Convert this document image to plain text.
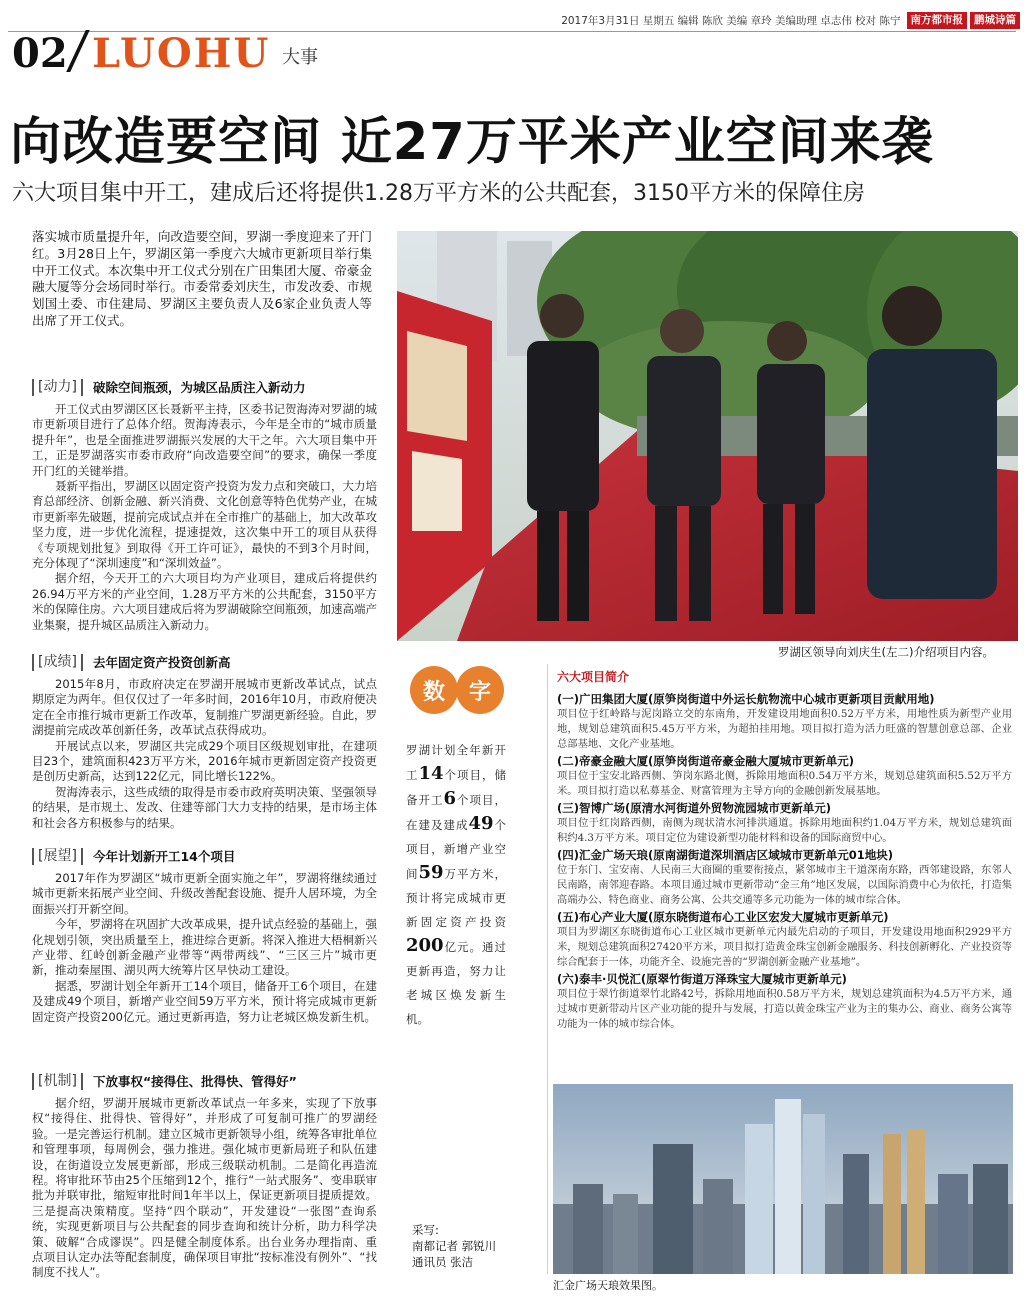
2017年3月31日 星期五 编辑 陈欣 美编 章玲 美编助理 卓志伟 校对 陈宁 南方都市报	鹏城诗篇
02 LUOHU 大事
向改造要空间 近27万平米产业空间来袭
六大项目集中开工，建成后还将提供1.28万平方米的公共配套，3150平方米的保障住房

落实城市质量提升年，向改造要空间，罗湖一季度迎来了开门红。3月28日上午，罗湖区第一季度六大城市更新项目举行集中开工仪式。本次集中开工仪式分别在广田集团大厦、帝豪金融大厦等分会场同时举行。市委常委刘庆生，市发改委、市规划国土委、市住建局、罗湖区主要负责人及6家企业负责人等出席了开工仪式。

[动力]	破除空间瓶颈，为城区品质注入新动力

开工仪式由罗湖区区长聂新平主持，区委书记贺海涛对罗湖的城市更新项目进行了总体介绍。贺海涛表示，今年是全市的“城市质量提升年”，也是全面推进罗湖振兴发展的大干之年。六大项目集中开工，正是罗湖落实市委市政府“向改造要空间”的要求，确保一季度开门红的关键举措。

聂新平指出，罗湖区以固定资产投资为发力点和突破口，大力培育总部经济、创新金融、新兴消费、文化创意等特色优势产业，在城市更新率先破题，提前完成试点并在全市推广的基础上，加大改革攻坚力度，进一步优化流程，提速提效，这次集中开工的项目从获得《专项规划批复》到取得《开工许可证》，最快的不到3个月时间，充分体现了“深圳速度”和“深圳效益”。

据介绍，今天开工的六大项目均为产业项目，建成后将提供约26.94万平方米的产业空间，1.28万平方米的公共配套，3150平方米的保障住房。六大项目建成后将为罗湖破除空间瓶颈，加速高端产业集聚，提升城区品质注入新动力。

[成绩]	去年固定资产投资创新高

2015年8月，市政府决定在罗湖开展城市更新改革试点，试点期原定为两年。但仅仅过了一年多时间，2016年10月，市政府便决定在全市推行城市更新工作改革，复制推广罗湖更新经验。自此，罗湖提前完成改革创新任务，改革试点获得成功。

开展试点以来，罗湖区共完成29个项目区级规划审批，在建项目23个，建筑面积423万平方米，2016年城市更新固定资产投资更是创历史新高，达到122亿元，同比增长122%。

贺海涛表示，这些成绩的取得是市委市政府英明决策、坚强领导的结果，是市规土、发改、住建等部门大力支持的结果，是市场主体和社会各方积极参与的结果。

[展望]	今年计划新开工14个项目

2017年作为罗湖区“城市更新全面实施之年”，罗湖将继续通过城市更新来拓展产业空间、升级改善配套设施、提升人居环境，为全面振兴打开新空间。

今年，罗湖将在巩固扩大改革成果，提升试点经验的基础上，强化规划引领，突出质量至上，推进综合更新。将深入推进大梧桐新兴产业带、红岭创新金融产业带等“两带两线”、“三区三片”城市更新，推动秦屋围、湖贝两大统筹片区早快动工建设。

据悉，罗湖计划全年新开工14个项目，储备开工6个项目，在建及建成49个项目，新增产业空间59万平方米，预计将完成城市更新固定资产投资200亿元。通过更新再造，努力让老城区焕发新生机。

[机制]	下放事权“接得住、批得快、管得好”

据介绍，罗湖开展城市更新改革试点一年多来，实现了下放事权“接得住、批得快、管得好”，并形成了可复制可推广的罗湖经验。一是完善运行机制。建立区城市更新领导小组，统筹各审批单位和管理事项，每周例会，强力推进。强化城市更新局班子和队伍建设，在街道设立发展更新部，形成三级联动机制。二是简化再造流程。将审批环节由25个压缩到12个，推行“一站式服务”、变串联审批为并联审批，缩短审批时间1年半以上，保证更新项目提质提效。三是提高决策精度。坚持“四个联动”，开发建设“一张图”查询系统，实现更新项目与公共配套的同步查询和统计分析，助力科学决策、破解“合成谬误”。四是健全制度体系。出台业务办理指南、重点项目认定办法等配套制度，确保项目审批“按标准没有例外”、“找制度不找人”。

罗湖区领导向刘庆生(左二)介绍项目内容。
数	字
罗湖计划全年新开工14个项目，储备开工6个项目，在建及建成49个项目，新增产业空间59万平方米，预计将完成城市更新固定资产投资200亿元。通过更新再造，努力让老城区焕发新生机。
六大项目简介
(一)广田集团大厦(原笋岗街道中外运长航物流中心城市更新项目贡献用地)
项目位于红岭路与泥岗路立交的东南角，开发建设用地面积0.52万平方米，用地性质为新型产业用地，规划总建筑面积5.45万平方米，为超拍挂用地。项目拟打造为活力旺盛的智慧创意总部、企业总部基地、文化产业基地。
(二)帝豪金融大厦(原笋岗街道帝豪金融大厦城市更新单元)
项目位于宝安北路西侧、笋岗东路北侧，拆除用地面积0.54万平方米，规划总建筑面积5.52万平方米。项目拟打造以私募基金、财富管理为主导方向的金融创新发展基地。
(三)智博广场(原清水河街道外贸物流园城市更新单元)
项目位于红岗路西侧，南侧为现状清水河排洪通道。拆除用地面积约1.04万平方米，规划总建筑面积约4.3万平方米。项目定位为建设新型功能材料和设备的国际商贸中心。
(四)汇金广场天琅(原南湖街道深圳酒店区域城市更新单元01地块)
位于东门、宝安南、人民南三大商圈的重要衔接点，紧邻城市主干道深南东路，西邻建设路，东邻人民南路，南邻迎春路。本项目通过城市更新带动“金三角”地区发展，以国际消费中心为依托，打造集高端办公、特色商业、商务公寓、公共交通等多元功能为一体的城市综合体。
(五)布心产业大厦(原东晓街道布心工业区宏发大厦城市更新单元)
项目为罗湖区东晓街道布心工业区城市更新单元内最先启动的子项目，开发建设用地面积2929平方米，规划总建筑面积27420平方米，项目拟打造黄金珠宝创新金融服务、科技创新孵化、产业投资等综合配套于一体，功能齐全、设施完善的“罗湖创新金融产业基地”。
(六)泰丰·贝悦汇(原翠竹街道万泽珠宝大厦城市更新单元)
项目位于翠竹街道翠竹北路42号，拆除用地面积0.58万平方米，规划总建筑面积为4.5万平方米，通过城市更新带动片区产业功能的提升与发展，打造以黄金珠宝产业为主的集办公、商业、商务公寓等功能为一体的城市综合体。
汇金广场天琅效果图。
采写:
南都记者 郭锐川
通讯员 张洁
